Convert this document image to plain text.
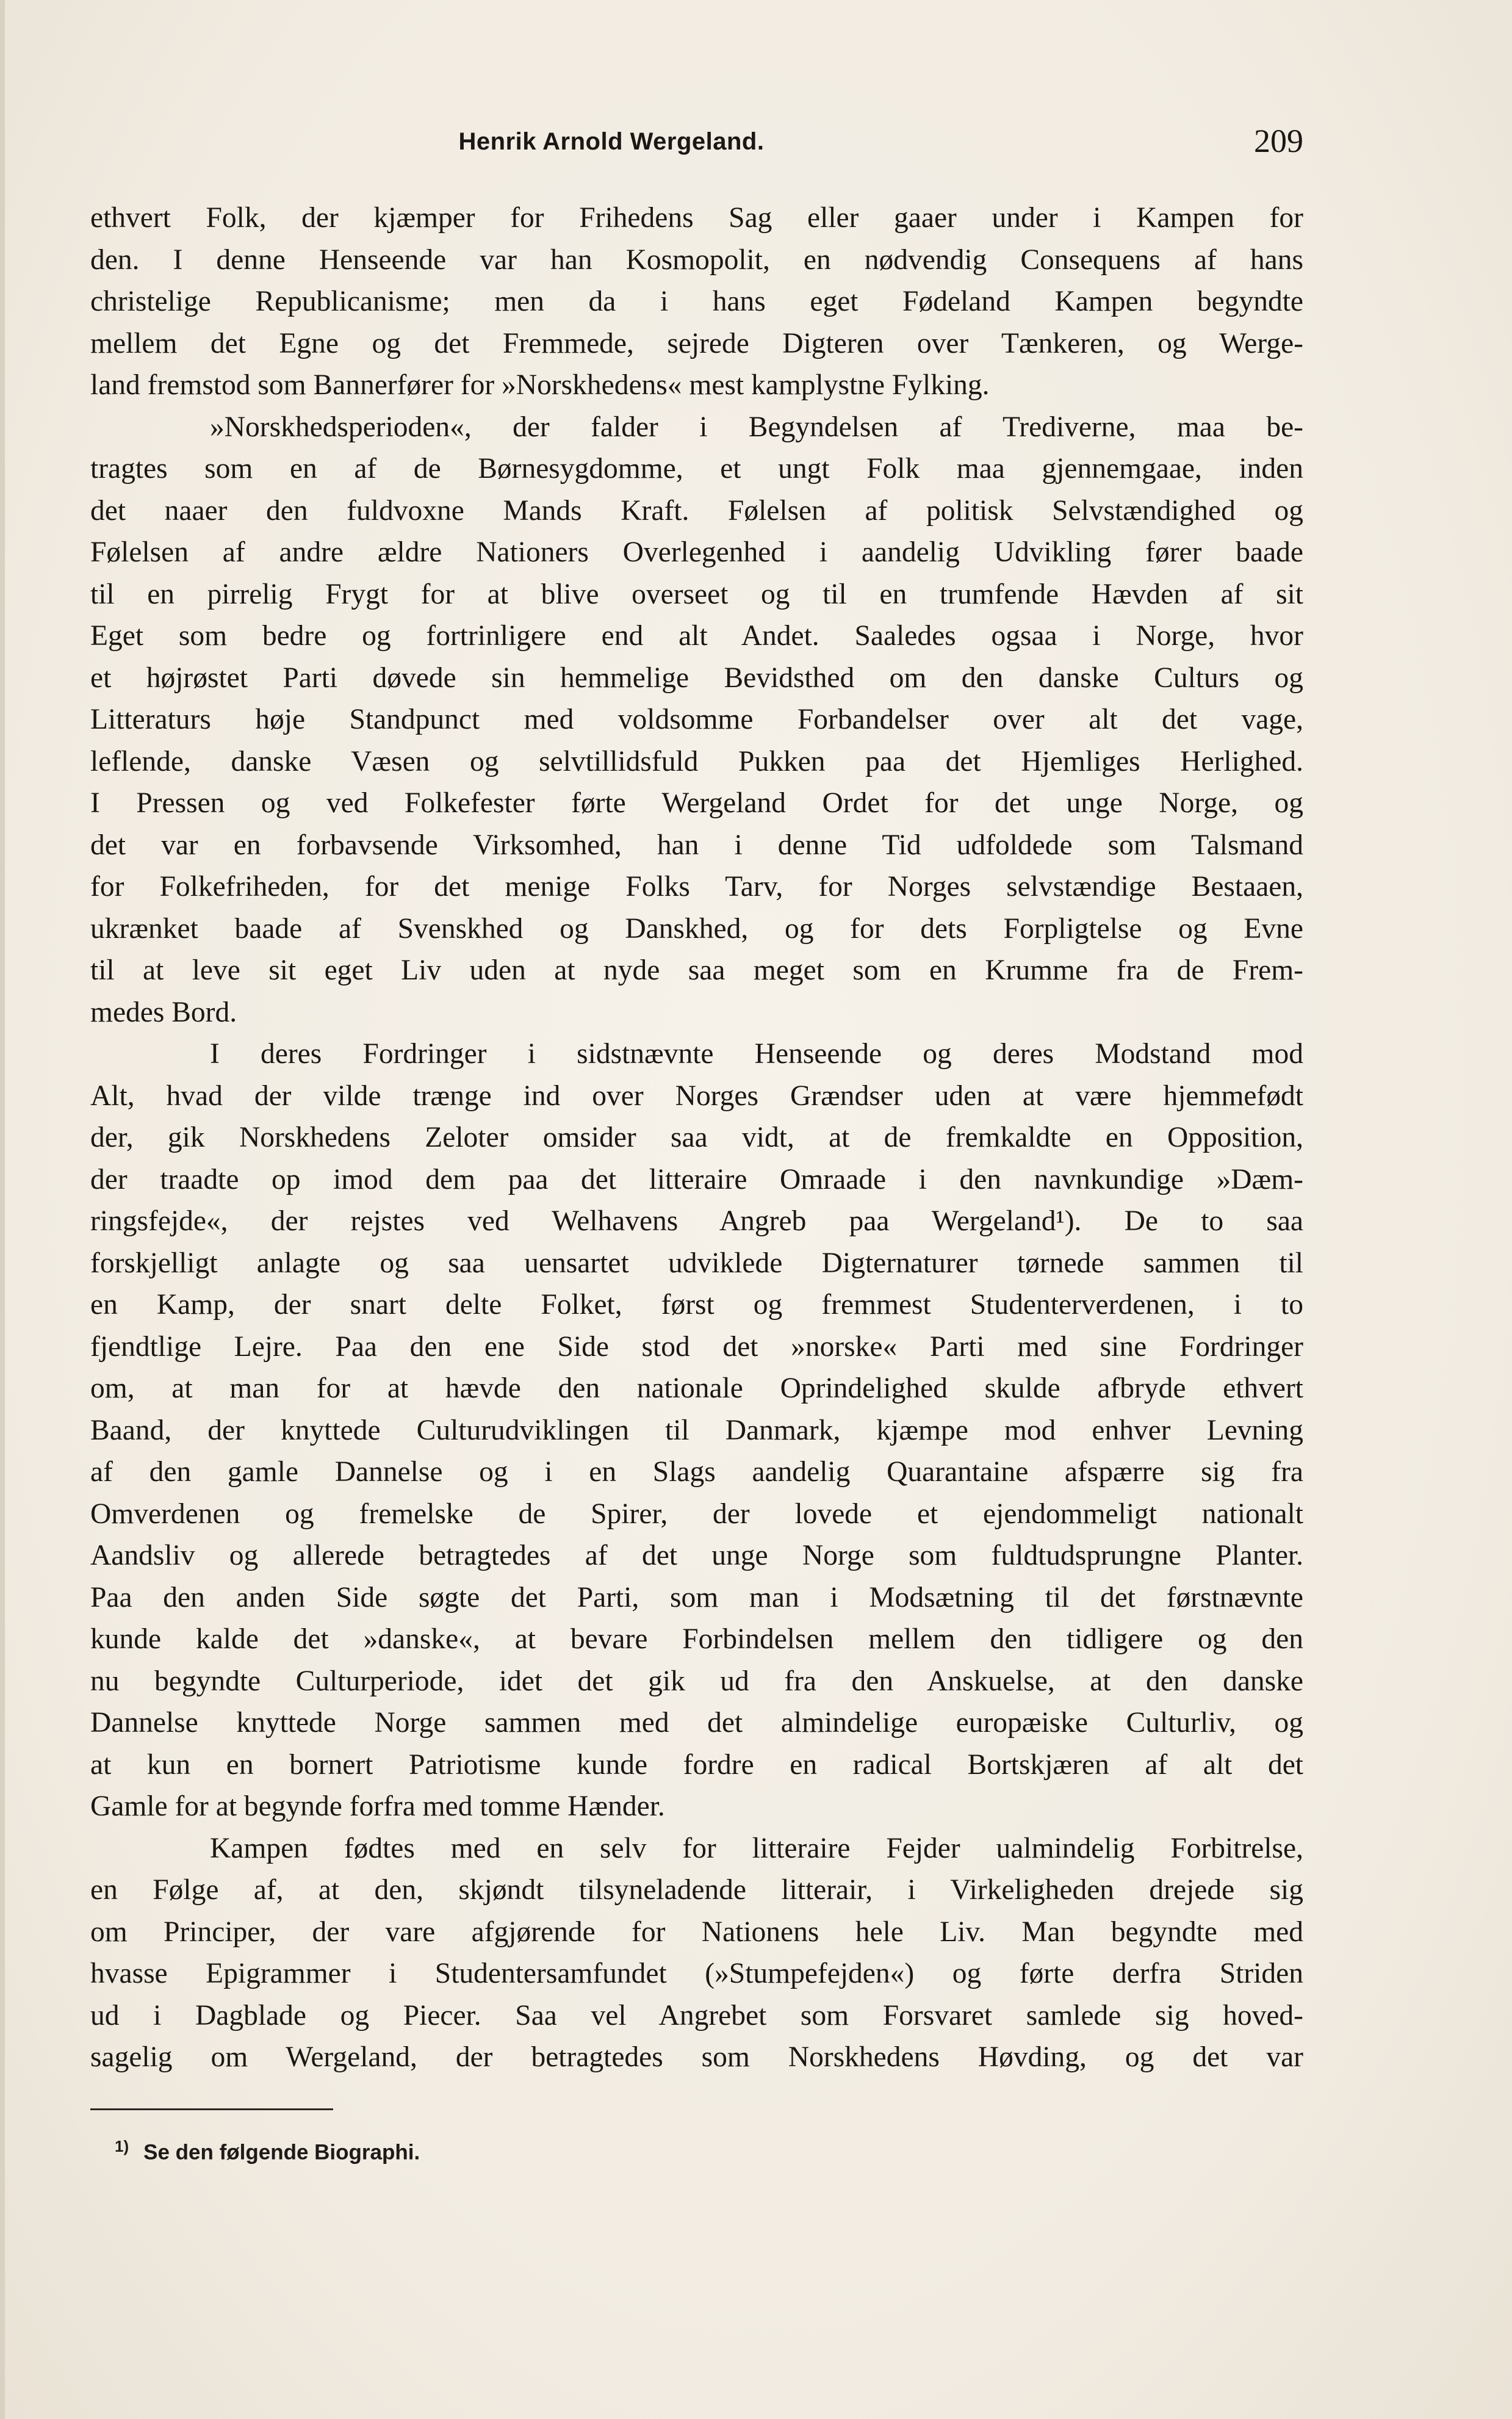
Henrik Arnold Wergeland.	209
ethvert Folk, der kjæmper for Frihedens Sag eller gaaer under i Kampen for
den. I denne Henseende var han Kosmopolit, en nødvendig Consequens af hans
christelige Republicanisme; men da i hans eget Fødeland Kampen begyndte
mellem det Egne og det Fremmede, sejrede Digteren over Tænkeren, og Werge-
land fremstod som Bannerfører for »Norskhedens« mest kamplystne Fylking.
»Norskhedsperioden«, der falder i Begyndelsen af Trediverne, maa be-
tragtes som en af de Børnesygdomme, et ungt Folk maa gjennemgaae, inden
det naaer den fuldvoxne Mands Kraft. Følelsen af politisk Selvstændighed og
Følelsen af andre ældre Nationers Overlegenhed i aandelig Udvikling fører baade
til en pirrelig Frygt for at blive overseet og til en trumfende Hævden af sit
Eget som bedre og fortrinligere end alt Andet. Saaledes ogsaa i Norge, hvor
et højrøstet Parti døvede sin hemmelige Bevidsthed om den danske Culturs og
Litteraturs høje Standpunct med voldsomme Forbandelser over alt det vage,
leflende, danske Væsen og selvtillidsfuld Pukken paa det Hjemliges Herlighed.
I Pressen og ved Folkefester førte Wergeland Ordet for det unge Norge, og
det var en forbavsende Virksomhed, han i denne Tid udfoldede som Talsmand
for Folkefriheden, for det menige Folks Tarv, for Norges selvstændige Bestaaen,
ukrænket baade af Svenskhed og Danskhed, og for dets Forpligtelse og Evne
til at leve sit eget Liv uden at nyde saa meget som en Krumme fra de Frem-
medes Bord.
I deres Fordringer i sidstnævnte Henseende og deres Modstand mod
Alt, hvad der vilde trænge ind over Norges Grændser uden at være hjemmefødt
der, gik Norskhedens Zeloter omsider saa vidt, at de fremkaldte en Opposition,
der traadte op imod dem paa det litteraire Omraade i den navnkundige »Dæm-
ringsfejde«, der rejstes ved Welhavens Angreb paa Wergeland¹). De to saa
forskjelligt anlagte og saa uensartet udviklede Digternaturer tørnede sammen til
en Kamp, der snart delte Folket, først og fremmest Studenterverdenen, i to
fjendtlige Lejre. Paa den ene Side stod det »norske« Parti med sine Fordringer
om, at man for at hævde den nationale Oprindelighed skulde afbryde ethvert
Baand, der knyttede Culturudviklingen til Danmark, kjæmpe mod enhver Levning
af den gamle Dannelse og i en Slags aandelig Quarantaine afspærre sig fra
Omverdenen og fremelske de Spirer, der lovede et ejendommeligt nationalt
Aandsliv og allerede betragtedes af det unge Norge som fuldtudsprungne Planter.
Paa den anden Side søgte det Parti, som man i Modsætning til det førstnævnte
kunde kalde det »danske«, at bevare Forbindelsen mellem den tidligere og den
nu begyndte Culturperiode, idet det gik ud fra den Anskuelse, at den danske
Dannelse knyttede Norge sammen med det almindelige europæiske Culturliv, og
at kun en bornert Patriotisme kunde fordre en radical Bortskjæren af alt det
Gamle for at begynde forfra med tomme Hænder.
Kampen fødtes med en selv for litteraire Fejder ualmindelig Forbitrelse,
en Følge af, at den, skjøndt tilsyneladende litterair, i Virkeligheden drejede sig
om Principer, der vare afgjørende for Nationens hele Liv. Man begyndte med
hvasse Epigrammer i Studentersamfundet (»Stumpefejden«) og førte derfra Striden
ud i Dagblade og Piecer. Saa vel Angrebet som Forsvaret samlede sig hoved-
sagelig om Wergeland, der betragtedes som Norskhedens Høvding, og det var
$^{1)}$ Se den følgende Biographi.
